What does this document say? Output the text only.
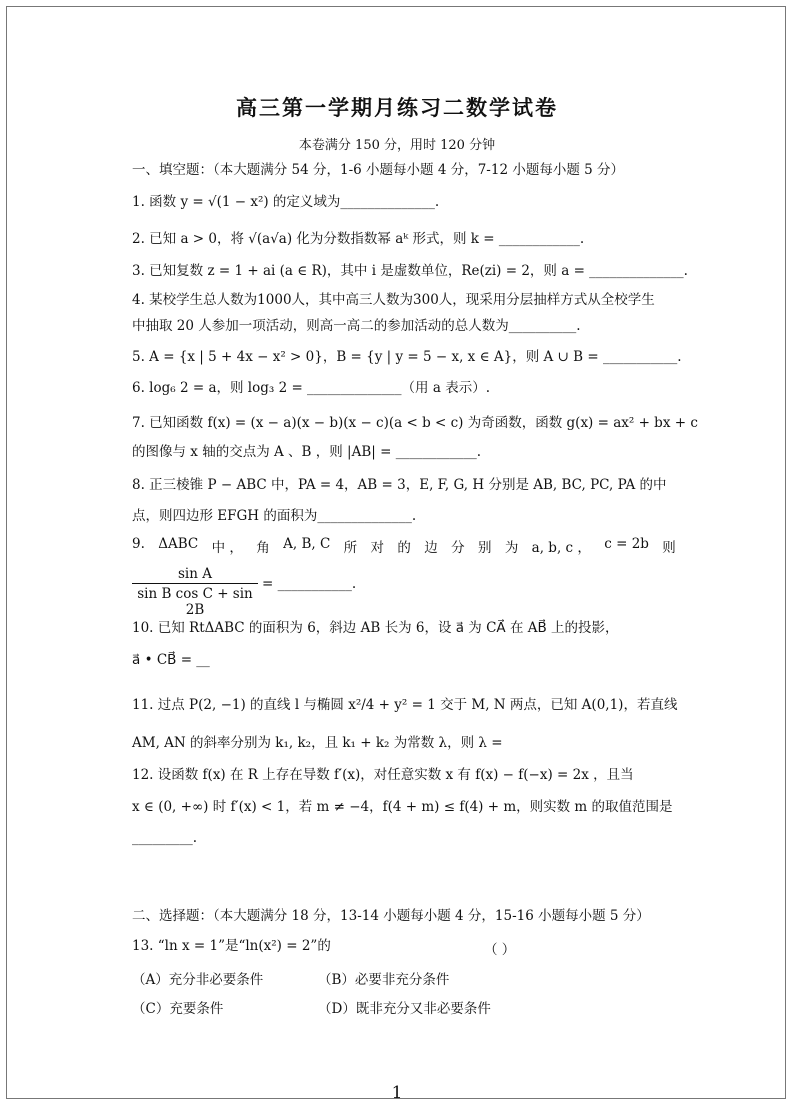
高三第一学期月练习二数学试卷
本卷满分 150 分，用时 120 分钟
一、填空题：（本大题满分 54 分，1-6 小题每小题 4 分，7-12 小题每小题 5 分）
1. 函数 y = √(1 − x²) 的定义域为______________.
2. 已知 a > 0，将 √(a√a) 化为分数指数幂 aᵏ 形式，则 k = ____________.
3. 已知复数 z = 1 + ai (a ∈ R)，其中 i 是虚数单位，Re(zi) = 2，则 a = ______________.
4. 某校学生总人数为1000人，其中高三人数为300人，现采用分层抽样方式从全校学生
中抽取 20 人参加一项活动，则高一高二的参加活动的总人数为__________.
5. A = {x | 5 + 4x − x² > 0}，B = {y | y = 5 − x, x ∈ A}，则 A ∪ B = ___________.
6. log₆ 2 = a，则 log₃ 2 = ______________（用 a 表示）.
7. 已知函数 f(x) = (x − a)(x − b)(x − c)(a < b < c) 为奇函数，函数 g(x) = ax² + bx + c
的图像与 x 轴的交点为 A 、B ，则 |AB| = ____________.
8. 正三棱锥 P − ABC 中，PA = 4，AB = 3，E, F, G, H 分别是 AB, BC, PC, PA 的中
点，则四边形 EFGH 的面积为______________.
9. ΔABC 中 ， 角 A, B, C 所 对 的 边 分 别 为 a, b, c ， c = 2b 则
$\frac{\text{sin A}}{\text{sin B cos C + sin 2B}}$ = ___________.
10. 已知 RtΔABC 的面积为 6，斜边 AB 长为 6，设 a⃗ 为 CA⃗ 在 AB⃗ 上的投影，
a⃗ • CB⃗ = __
11. 过点 P(2, −1) 的直线 l 与椭圆 x²/4 + y² = 1 交于 M, N 两点，已知 A(0,1)，若直线
AM, AN 的斜率分别为 k₁, k₂，且 k₁ + k₂ 为常数 λ，则 λ =
12. 设函数 f(x) 在 R 上存在导数 f′(x)，对任意实数 x 有 f(x) − f(−x) = 2x ，且当
x ∈ (0, +∞) 时 f′(x) < 1，若 m ≠ −4，f(4 + m) ≤ f(4) + m，则实数 m 的取值范围是
_________.
二、选择题：（本大题满分 18 分，13-14 小题每小题 4 分，15-16 小题每小题 5 分）
13. “ln x = 1”是“ln(x²) = 2”的	（ ）
（A）充分非必要条件	（B）必要非充分条件
（C）充要条件	（D）既非充分又非必要条件
1
